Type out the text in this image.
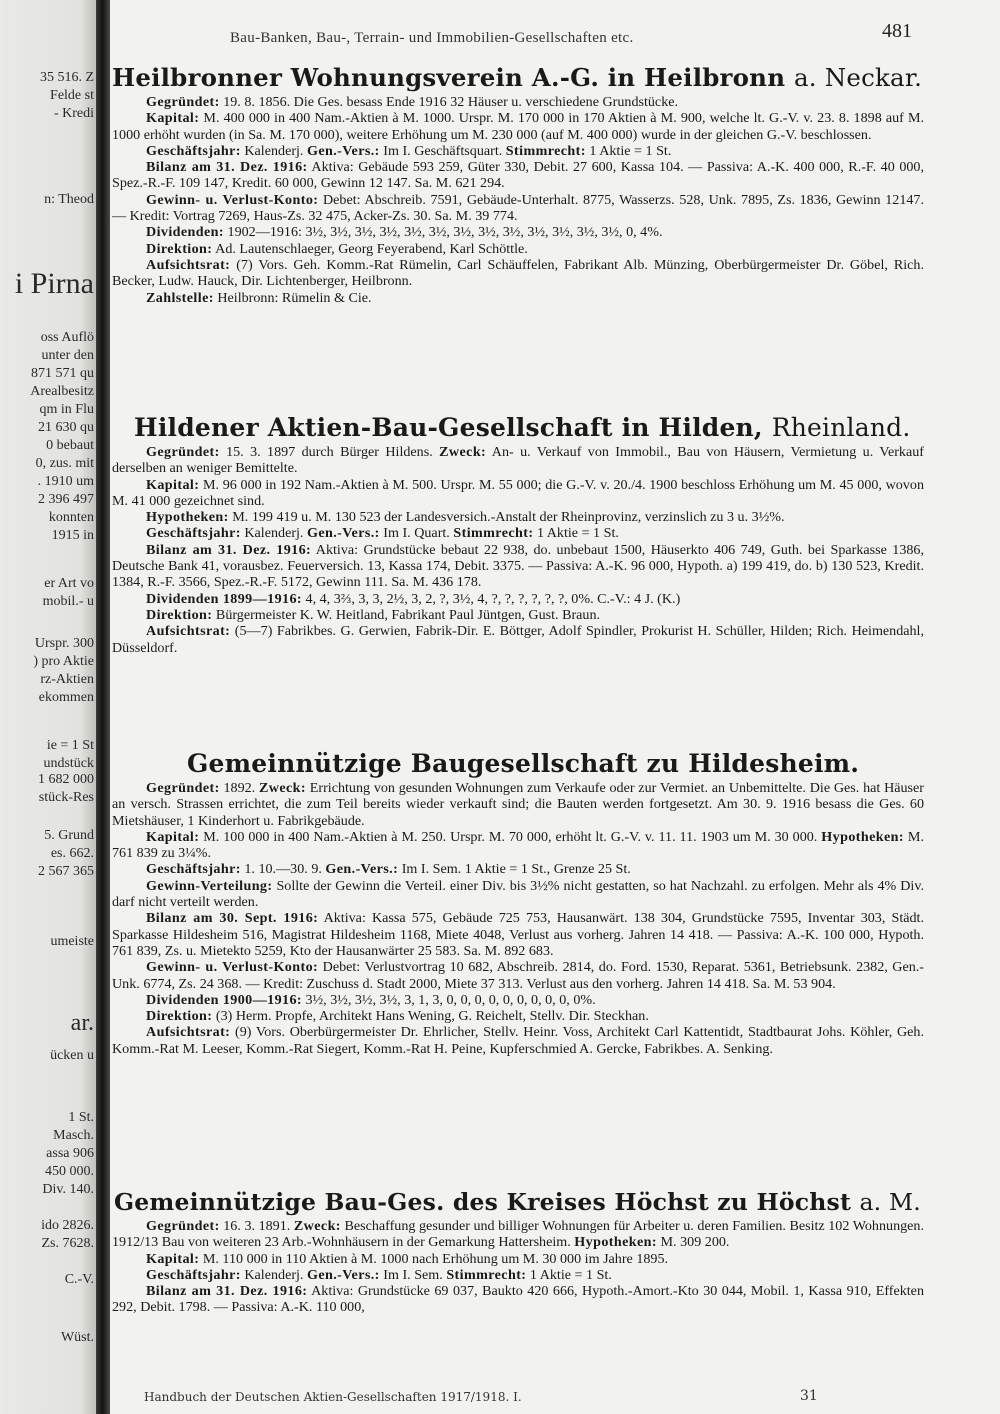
35 516. Z
Felde st
- Kredi
n: Theod
i Pirna
oss Auflö
unter den
871 571 qu
Arealbesitz
qm in Flu
21 630 qu
0 bebaut
0, zus. mit
. 1910 um
2 396 497
konnten
1915 in
er Art vo
mobil.- u
Urspr. 300
) pro Aktie
rz-Aktien
ekommen
ie = 1 St
undstück
1 682 000
stück-Res
5. Grund
es. 662.
2 567 365
umeiste
ar.
ücken u
1 St.
Masch.
assa 906
450 000.
Div. 140.
ido 2826.
Zs. 7628.
C.-V.
Wüst.
Bau-Banken, Bau-, Terrain- und Immobilien-Gesellschaften etc.	481
Heilbronner Wohnungsverein A.-G. in Heilbronn a. Neckar.

Gegründet: 19. 8. 1856. Die Ges. besass Ende 1916 32 Häuser u. verschiedene Grundstücke.

Kapital: M. 400 000 in 400 Nam.-Aktien à M. 1000. Urspr. M. 170 000 in 170 Aktien à M. 900, welche lt. G.-V. v. 23. 8. 1898 auf M. 1000 erhöht wurden (in Sa. M. 170 000), weitere Erhöhung um M. 230 000 (auf M. 400 000) wurde in der gleichen G.-V. beschlossen.

Geschäftsjahr: Kalenderj. Gen.-Vers.: Im I. Geschäftsquart. Stimmrecht: 1 Aktie = 1 St.

Bilanz am 31. Dez. 1916: Aktiva: Gebäude 593 259, Güter 330, Debit. 27 600, Kassa 104. — Passiva: A.-K. 400 000, R.-F. 40 000, Spez.-R.-F. 109 147, Kredit. 60 000, Gewinn 12 147. Sa. M. 621 294.

Gewinn- u. Verlust-Konto: Debet: Abschreib. 7591, Gebäude-Unterhalt. 8775, Wasserzs. 528, Unk. 7895, Zs. 1836, Gewinn 12147. — Kredit: Vortrag 7269, Haus-Zs. 32 475, Acker-Zs. 30. Sa. M. 39 774.

Dividenden: 1902—1916: 3½, 3½, 3½, 3½, 3½, 3½, 3½, 3½, 3½, 3½, 3½, 3½, 3½, 0, 4%.

Direktion: Ad. Lautenschlaeger, Georg Feyerabend, Karl Schöttle.

Aufsichtsrat: (7) Vors. Geh. Komm.-Rat Rümelin, Carl Schäuffelen, Fabrikant Alb. Münzing, Oberbürgermeister Dr. Göbel, Rich. Becker, Ludw. Hauck, Dir. Lichtenberger, Heilbronn.

Zahlstelle: Heilbronn: Rümelin & Cie.

Hildener Aktien-Bau-Gesellschaft in Hilden, Rheinland.

Gegründet: 15. 3. 1897 durch Bürger Hildens. Zweck: An- u. Verkauf von Immobil., Bau von Häusern, Vermietung u. Verkauf derselben an weniger Bemittelte.

Kapital: M. 96 000 in 192 Nam.-Aktien à M. 500. Urspr. M. 55 000; die G.-V. v. 20./4. 1900 beschloss Erhöhung um M. 45 000, wovon M. 41 000 gezeichnet sind.

Hypotheken: M. 199 419 u. M. 130 523 der Landesversich.-Anstalt der Rheinprovinz, verzinslich zu 3 u. 3½%.

Geschäftsjahr: Kalenderj. Gen.-Vers.: Im I. Quart. Stimmrecht: 1 Aktie = 1 St.

Bilanz am 31. Dez. 1916: Aktiva: Grundstücke bebaut 22 938, do. unbebaut 1500, Häuserkto 406 749, Guth. bei Sparkasse 1386, Deutsche Bank 41, vorausbez. Feuerversich. 13, Kassa 174, Debit. 3375. — Passiva: A.-K. 96 000, Hypoth. a) 199 419, do. b) 130 523, Kredit. 1384, R.-F. 3566, Spez.-R.-F. 5172, Gewinn 111. Sa. M. 436 178.

Dividenden 1899—1916: 4, 4, 3⅔, 3, 3, 2½, 3, 2, ?, 3½, 4, ?, ?, ?, ?, ?, ?, 0%. C.-V.: 4 J. (K.)

Direktion: Bürgermeister K. W. Heitland, Fabrikant Paul Jüntgen, Gust. Braun.

Aufsichtsrat: (5—7) Fabrikbes. G. Gerwien, Fabrik-Dir. E. Böttger, Adolf Spindler, Prokurist H. Schüller, Hilden; Rich. Heimendahl, Düsseldorf.

Gemeinnützige Baugesellschaft zu Hildesheim.

Gegründet: 1892. Zweck: Errichtung von gesunden Wohnungen zum Verkaufe oder zur Vermiet. an Unbemittelte. Die Ges. hat Häuser an versch. Strassen errichtet, die zum Teil bereits wieder verkauft sind; die Bauten werden fortgesetzt. Am 30. 9. 1916 besass die Ges. 60 Mietshäuser, 1 Kinderhort u. Fabrikgebäude.

Kapital: M. 100 000 in 400 Nam.-Aktien à M. 250. Urspr. M. 70 000, erhöht lt. G.-V. v. 11. 11. 1903 um M. 30 000. Hypotheken: M. 761 839 zu 3¼%.

Geschäftsjahr: 1. 10.—30. 9. Gen.-Vers.: Im I. Sem. 1 Aktie = 1 St., Grenze 25 St.

Gewinn-Verteilung: Sollte der Gewinn die Verteil. einer Div. bis 3½% nicht gestatten, so hat Nachzahl. zu erfolgen. Mehr als 4% Div. darf nicht verteilt werden.

Bilanz am 30. Sept. 1916: Aktiva: Kassa 575, Gebäude 725 753, Hausanwärt. 138 304, Grundstücke 7595, Inventar 303, Städt. Sparkasse Hildesheim 516, Magistrat Hildesheim 1168, Miete 4048, Verlust aus vorherg. Jahren 14 418. — Passiva: A.-K. 100 000, Hypoth. 761 839, Zs. u. Mietekto 5259, Kto der Hausanwärter 25 583. Sa. M. 892 683.

Gewinn- u. Verlust-Konto: Debet: Verlustvortrag 10 682, Abschreib. 2814, do. Ford. 1530, Reparat. 5361, Betriebsunk. 2382, Gen.-Unk. 6774, Zs. 24 368. — Kredit: Zuschuss d. Stadt 2000, Miete 37 313. Verlust aus den vorherg. Jahren 14 418. Sa. M. 53 904.

Dividenden 1900—1916: 3½, 3½, 3½, 3½, 3, 1, 3, 0, 0, 0, 0, 0, 0, 0, 0, 0, 0%.

Direktion: (3) Herm. Propfe, Architekt Hans Wening, G. Reichelt, Stellv. Dir. Steckhan.

Aufsichtsrat: (9) Vors. Oberbürgermeister Dr. Ehrlicher, Stellv. Heinr. Voss, Architekt Carl Kattentidt, Stadtbaurat Johs. Köhler, Geh. Komm.-Rat M. Leeser, Komm.-Rat Siegert, Komm.-Rat H. Peine, Kupferschmied A. Gercke, Fabrikbes. A. Senking.

Gemeinnützige Bau-Ges. des Kreises Höchst zu Höchst a. M.

Gegründet: 16. 3. 1891. Zweck: Beschaffung gesunder und billiger Wohnungen für Arbeiter u. deren Familien. Besitz 102 Wohnungen. 1912/13 Bau von weiteren 23 Arb.-Wohnhäusern in der Gemarkung Hattersheim. Hypotheken: M. 309 200.

Kapital: M. 110 000 in 110 Aktien à M. 1000 nach Erhöhung um M. 30 000 im Jahre 1895.

Geschäftsjahr: Kalenderj. Gen.-Vers.: Im I. Sem. Stimmrecht: 1 Aktie = 1 St.

Bilanz am 31. Dez. 1916: Aktiva: Grundstücke 69 037, Baukto 420 666, Hypoth.-Amort.-Kto 30 044, Mobil. 1, Kassa 910, Effekten 292, Debit. 1798. — Passiva: A.-K. 110 000,

Handbuch der Deutschen Aktien-Gesellschaften 1917/1918. I.	31
